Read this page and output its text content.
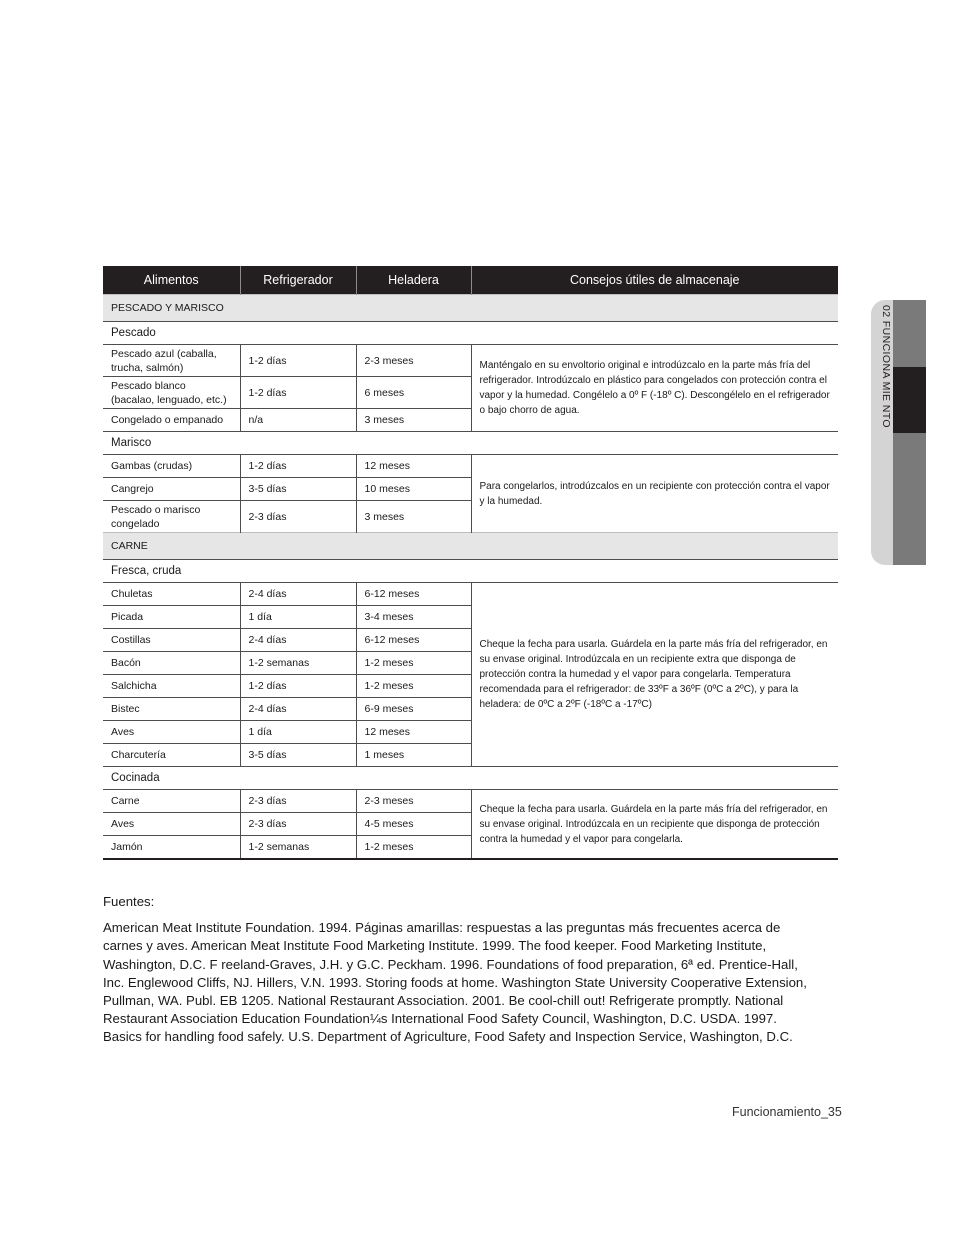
02 FUNCIONA MIE NTO
Alimentos	Refrigerador	Heladera	Consejos útiles de almacenaje
PESCADO Y MARISCO			
Pescado			
Pescado azul (caballa, trucha, salmón)	1-2 días	2-3 meses	Manténgalo en su envoltorio original e introdúzcalo en la parte más fría del refrigerador. Introdúzcalo en plástico para congelados con protección contra el vapor y la humedad. Congélelo a 0º F (-18º C). Descongélelo en el refrigerador o bajo chorro de agua.
Pescado blanco (bacalao, lenguado, etc.)	1-2 días	6 meses	
Congelado o empanado	n/a	3 meses	
Marisco			
Gambas (crudas)	1-2 días	12 meses	Para congelarlos, introdúzcalos en un recipiente con protección contra el vapor y la humedad.
Cangrejo	3-5 días	10 meses	
Pescado o marisco congelado	2-3 días	3 meses	
CARNE			
Fresca, cruda			
Chuletas	2-4 días	6-12 meses	Cheque la fecha para usarla. Guárdela en la parte más fría del refrigerador, en su envase original. Introdúzcala en un recipiente extra que disponga de protección contra la humedad y el vapor para congelarla. Temperatura recomendada para el refrigerador: de 33ºF a 36ºF (0ºC a 2ºC), y para la heladera: de 0ºC a 2ºF (-18ºC a -17ºC)
Picada	1 día	3-4 meses	
Costillas	2-4 días	6-12 meses	
Bacón	1-2 semanas	1-2 meses	
Salchicha	1-2 días	1-2 meses	
Bistec	2-4 días	6-9 meses	
Aves	1 día	12 meses	
Charcutería	3-5 días	1 meses	
Cocinada			
Carne	2-3 días	2-3 meses	Cheque la fecha para usarla. Guárdela en la parte más fría del refrigerador, en su envase original. Introdúzcala en un recipiente que disponga de protección contra la humedad y el vapor para congelarla.
Aves	2-3 días	4-5 meses	
Jamón	1-2 semanas	1-2 meses	

Fuentes:

American Meat Institute Foundation. 1994. Páginas amarillas: respuestas a las preguntas más frecuentes acerca de carnes y aves. American Meat Institute Food Marketing Institute. 1999. The food keeper. Food Marketing Institute, Washington, D.C. F reeland-Graves, J.H. y G.C. Peckham. 1996. Foundations of food preparation, 6ª ed. Prentice-Hall, Inc. Englewood Cliffs, NJ. Hillers, V.N. 1993. Storing foods at home. Washington State University Cooperative Extension, Pullman, WA. Publ. EB 1205. National Restaurant Association. 2001. Be cool-chill out! Refrigerate promptly. National Restaurant Association Education Foundation¼s International Food Safety Council, Washington, D.C. USDA. 1997. Basics for handling food safely. U.S. Department of Agriculture, Food Safety and Inspection Service, Washington, D.C.

Funcionamiento_35
